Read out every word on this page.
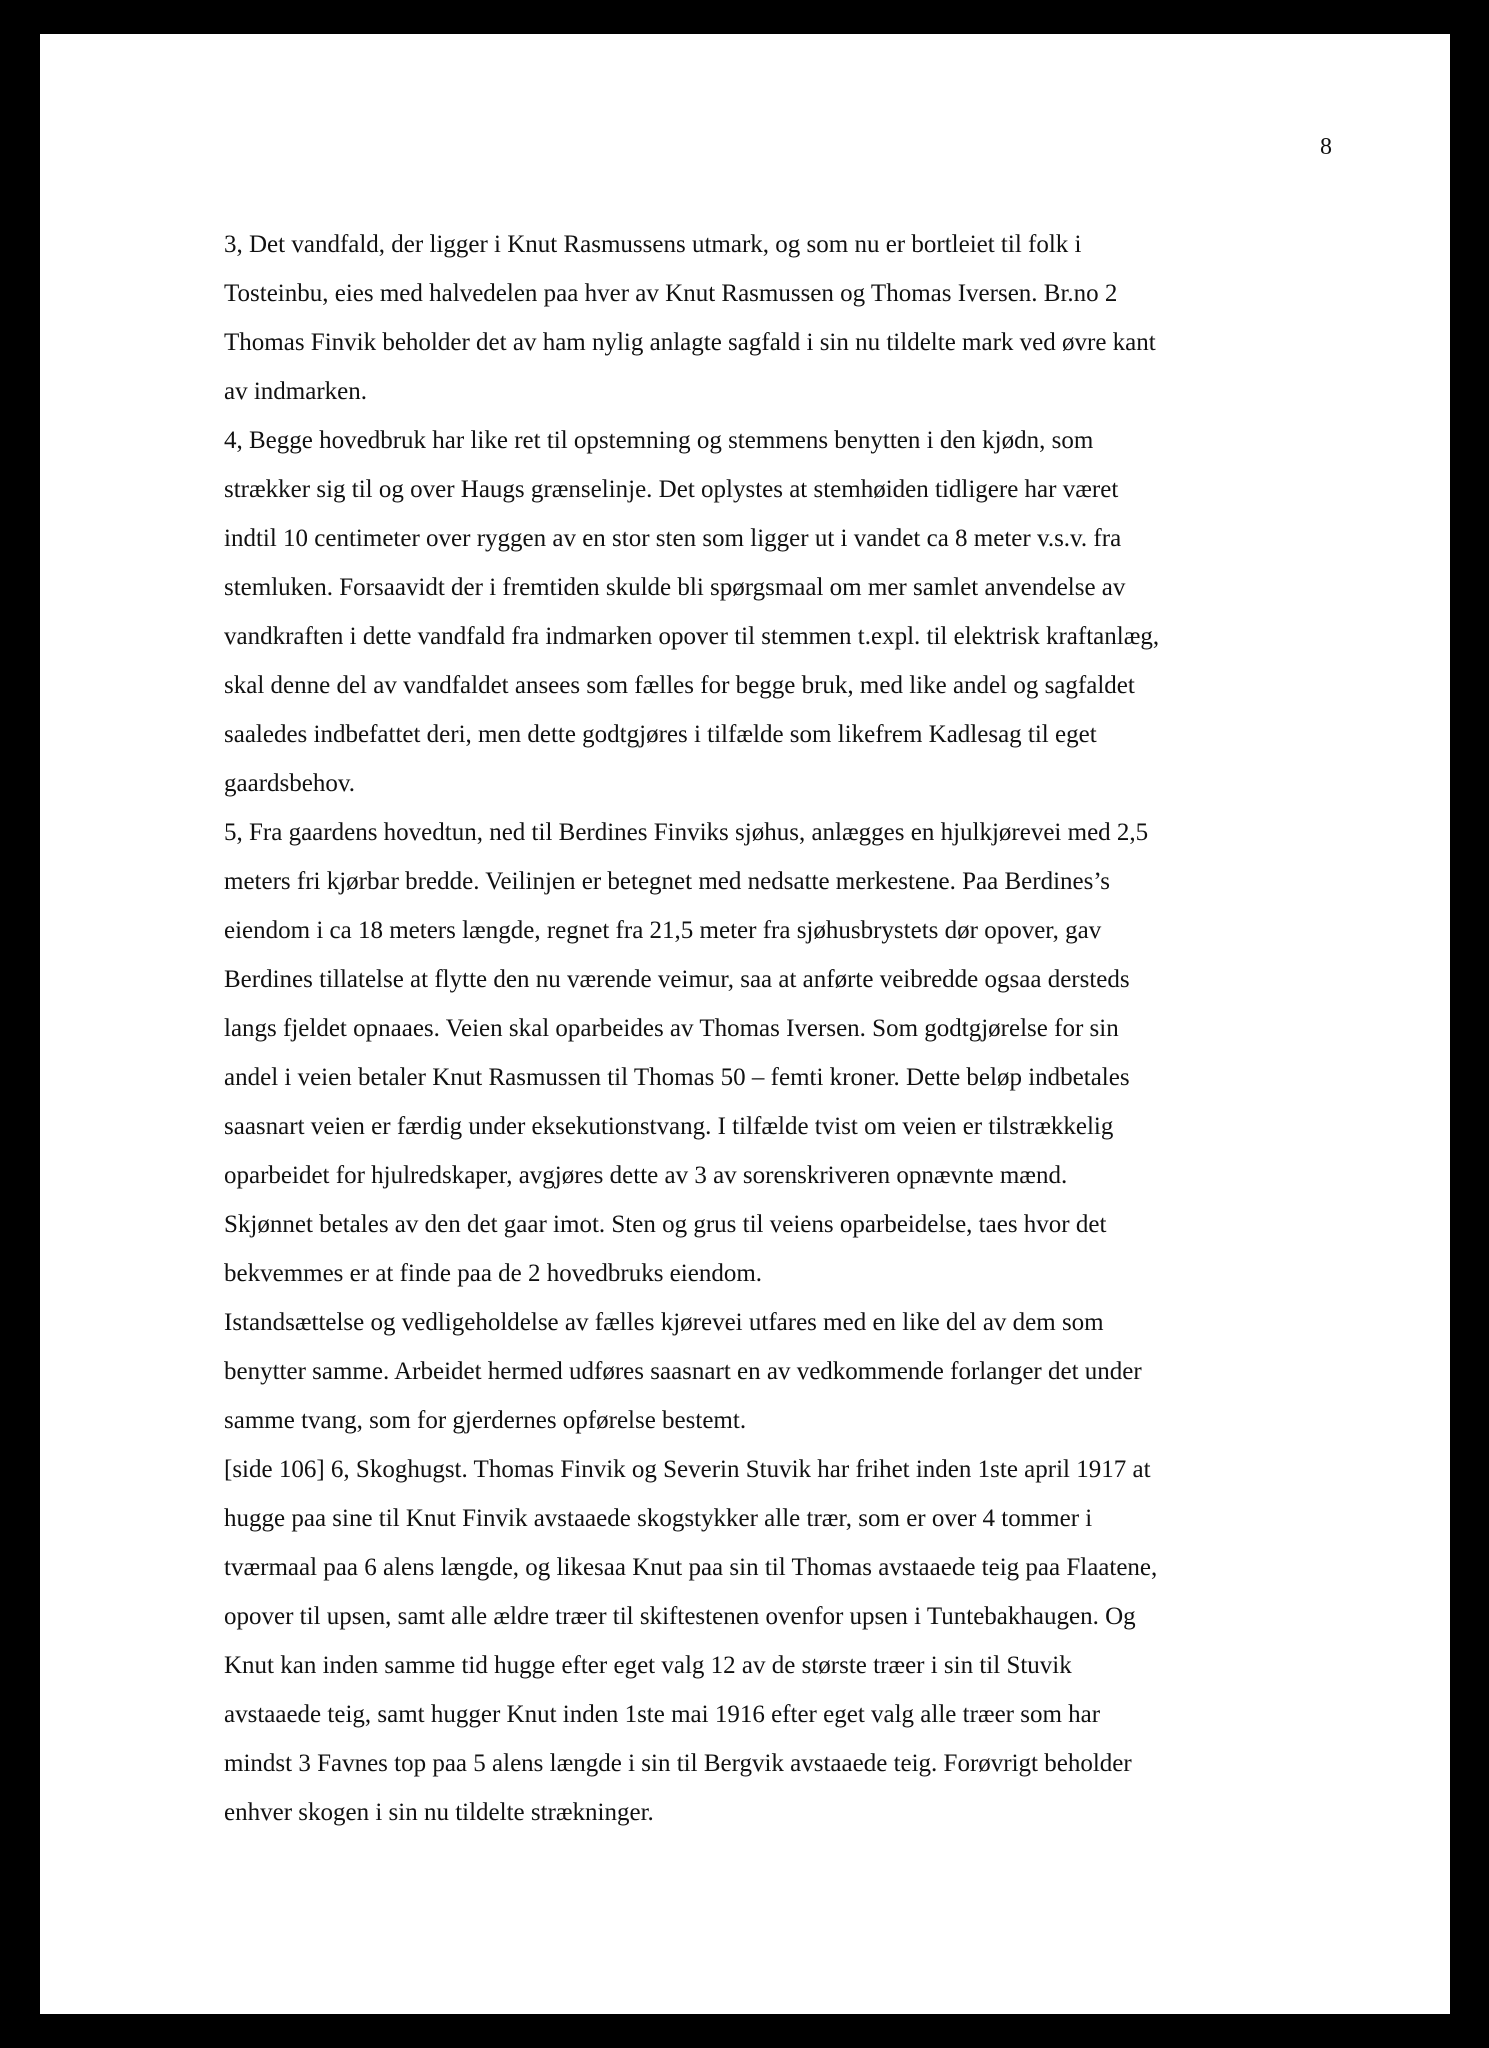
8

3, Det vandfald, der ligger i Knut Rasmussens utmark, og som nu er bortleiet til folk i
Tosteinbu, eies med halvedelen paa hver av Knut Rasmussen og Thomas Iversen. Br.no 2
Thomas Finvik beholder det av ham nylig anlagte sagfald i sin nu tildelte mark ved øvre kant
av indmarken.
4, Begge hovedbruk har like ret til opstemning og stemmens benytten i den kjødn, som
strækker sig til og over Haugs grænselinje. Det oplystes at stemhøiden tidligere har været
indtil 10 centimeter over ryggen av en stor sten som ligger ut i vandet ca 8 meter v.s.v. fra
stemluken. Forsaavidt der i fremtiden skulde bli spørgsmaal om mer samlet anvendelse av
vandkraften i dette vandfald fra indmarken opover til stemmen t.expl. til elektrisk kraftanlæg,
skal denne del av vandfaldet ansees som fælles for begge bruk, med like andel og sagfaldet
saaledes indbefattet deri, men dette godtgjøres i tilfælde som likefrem Kadlesag til eget
gaardsbehov.
5, Fra gaardens hovedtun, ned til Berdines Finviks sjøhus, anlægges en hjulkjørevei med 2,5
meters fri kjørbar bredde. Veilinjen er betegnet med nedsatte merkestene. Paa Berdines’s
eiendom i ca 18 meters længde, regnet fra 21,5 meter fra sjøhusbrystets dør opover, gav
Berdines tillatelse at flytte den nu værende veimur, saa at anførte veibredde ogsaa dersteds
langs fjeldet opnaaes. Veien skal oparbeides av Thomas Iversen. Som godtgjørelse for sin
andel i veien betaler Knut Rasmussen til Thomas 50 – femti kroner. Dette beløp indbetales
saasnart veien er færdig under eksekutionstvang. I tilfælde tvist om veien er tilstrækkelig
oparbeidet for hjulredskaper, avgjøres dette av 3 av sorenskriveren opnævnte mænd.
Skjønnet betales av den det gaar imot. Sten og grus til veiens oparbeidelse, taes hvor det
bekvemmes er at finde paa de 2 hovedbruks eiendom.
Istandsættelse og vedligeholdelse av fælles kjørevei utfares med en like del av dem som
benytter samme. Arbeidet hermed udføres saasnart en av vedkommende forlanger det under
samme tvang, som for gjerdernes opførelse bestemt.
[side 106] 6, Skoghugst. Thomas Finvik og Severin Stuvik har frihet inden 1ste april 1917 at
hugge paa sine til Knut Finvik avstaaede skogstykker alle trær, som er over 4 tommer i
tværmaal paa 6 alens længde, og likesaa Knut paa sin til Thomas avstaaede teig paa Flaatene,
opover til upsen, samt alle ældre træer til skiftestenen ovenfor upsen i Tuntebakhaugen. Og
Knut kan inden samme tid hugge efter eget valg 12 av de største træer i sin til Stuvik
avstaaede teig, samt hugger Knut inden 1ste mai 1916 efter eget valg alle træer som har
mindst 3 Favnes top paa 5 alens længde i sin til Bergvik avstaaede teig. Forøvrigt beholder
enhver skogen i sin nu tildelte strækninger.
